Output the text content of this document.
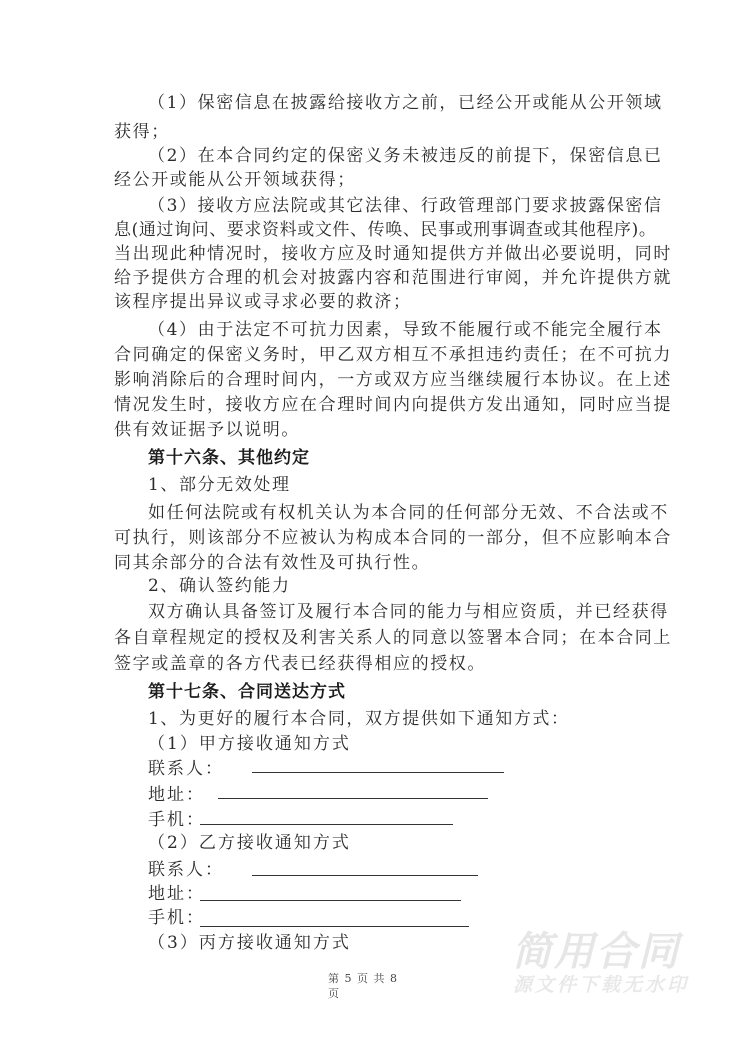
（1）保密信息在披露给接收方之前，已经公开或能从公开领域
获得；
（2）在本合同约定的保密义务未被违反的前提下，保密信息已
经公开或能从公开领域获得；
（3）接收方应法院或其它法律、行政管理部门要求披露保密信
息(通过询问、要求资料或文件、传唤、民事或刑事调查或其他程序)。
当出现此种情况时，接收方应及时通知提供方并做出必要说明，同时
给予提供方合理的机会对披露内容和范围进行审阅，并允许提供方就
该程序提出异议或寻求必要的救济；
（4）由于法定不可抗力因素，导致不能履行或不能完全履行本
合同确定的保密义务时，甲乙双方相互不承担违约责任；在不可抗力
影响消除后的合理时间内，一方或双方应当继续履行本协议。在上述
情况发生时，接收方应在合理时间内向提供方发出通知，同时应当提
供有效证据予以说明。
第十六条、其他约定
1、部分无效处理
如任何法院或有权机关认为本合同的任何部分无效、不合法或不
可执行，则该部分不应被认为构成本合同的一部分，但不应影响本合
同其余部分的合法有效性及可执行性。
2、确认签约能力
双方确认具备签订及履行本合同的能力与相应资质，并已经获得
各自章程规定的授权及利害关系人的同意以签署本合同；在本合同上
签字或盖章的各方代表已经获得相应的授权。
第十七条、合同送达方式
1、为更好的履行本合同，双方提供如下通知方式：
（1）甲方接收通知方式
联系人：
地址：
手机：
（2）乙方接收通知方式
联系人：
地址：
手机：
（3）丙方接收通知方式	简用合同
源文件下载无水印
第 5 页 共 8
页
